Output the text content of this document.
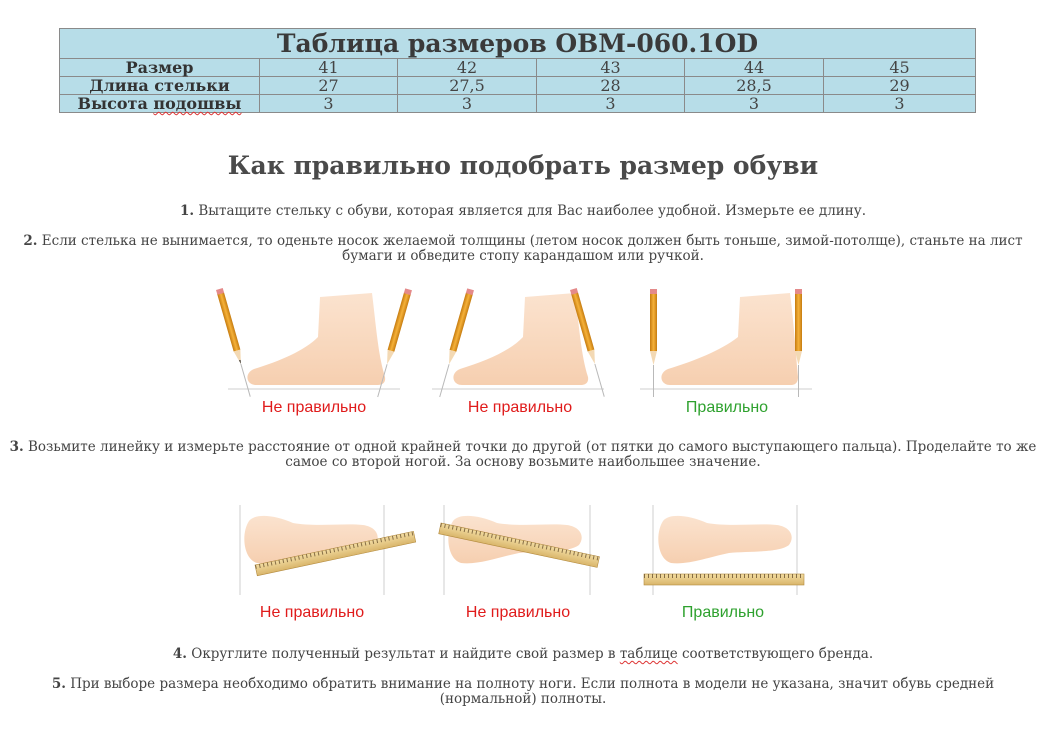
Таблица размеров OBM-060.1OD					
Размер	41	42	43	44	45
Длина стельки	27	27,5	28	28,5	29
Высота подошвы	3	3	3	3	3
Как правильно подобрать размер обуви

1. Вытащите стельку с обуви, которая является для Вас наиболее удобной. Измерьте ее длину.

2. Если стелька не вынимается, то оденьте носок желаемой толщины (летом носок должен быть тоньше, зимой-потолще), станьте на лист бумаги и обведите стопу карандашом или ручкой.

Не правильно	Не правильно	Правильно

3. Возьмите линейку и измерьте расстояние от одной крайней точки до другой (от пятки до самого выступающего пальца). Проделайте то же самое со второй ногой. За основу возьмите наибольшее значение.

Не правильно	Не правильно	Правильно

4. Округлите полученный результат и найдите свой размер в таблице соответствующего бренда.

5. При выборе размера необходимо обратить внимание на полноту ноги. Если полнота в модели не указана, значит обувь средней (нормальной) полноты.
